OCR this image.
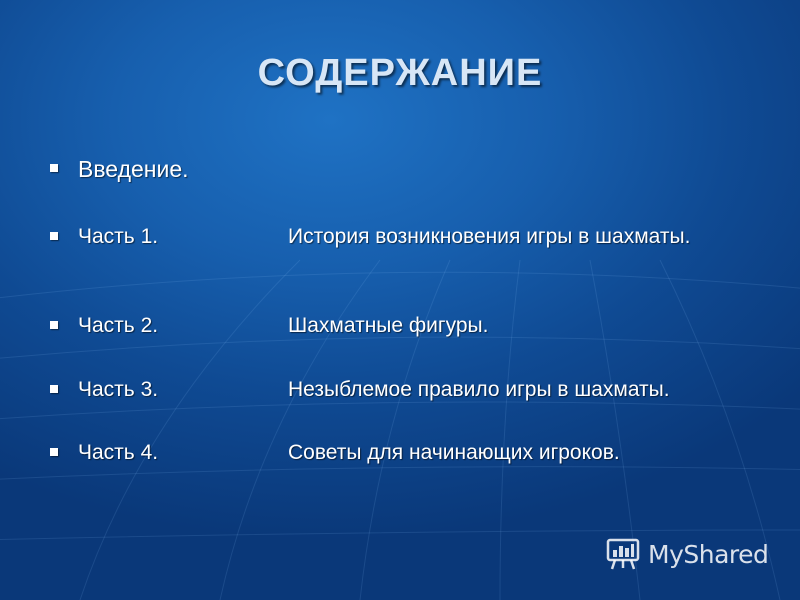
СОДЕРЖАНИЕ
Введение.
Часть 1.	История возникновения игры в шахматы.
Часть 2.	Шахматные фигуры.
Часть 3.	Незыблемое правило игры в шахматы.
Часть 4.	Советы для начинающих игроков.
MyShared
